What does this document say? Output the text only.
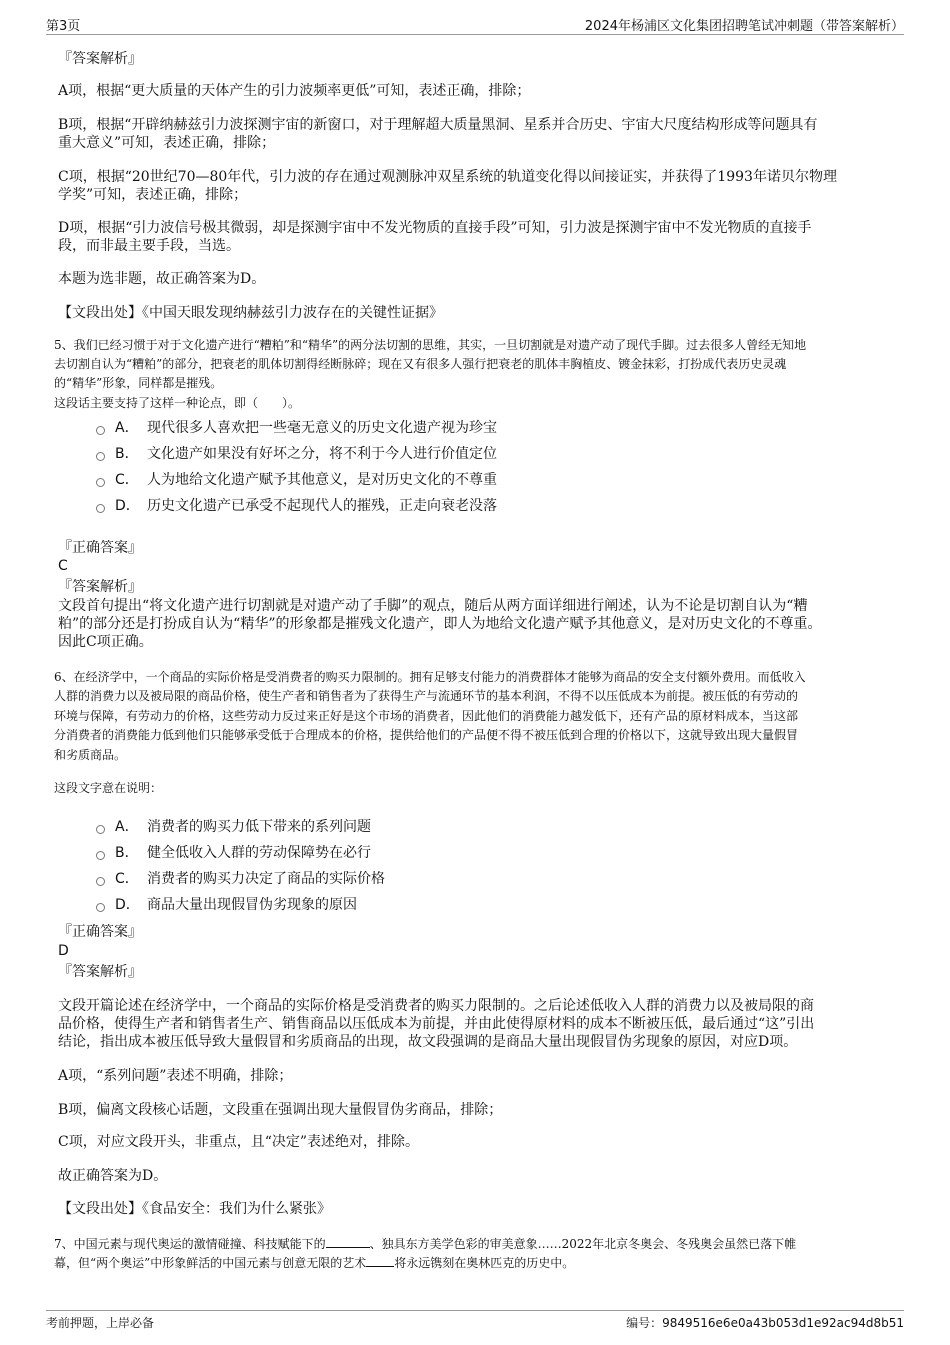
第3页	2024年杨浦区文化集团招聘笔试冲刺题（带答案解析）
『答案解析』
A项，根据“更大质量的天体产生的引力波频率更低”可知，表述正确，排除；
B项，根据“开辟纳赫兹引力波探测宇宙的新窗口，对于理解超大质量黑洞、星系并合历史、宇宙大尺度结构形成等问题具有
重大意义”可知，表述正确，排除；
C项，根据“20世纪70—80年代，引力波的存在通过观测脉冲双星系统的轨道变化得以间接证实，并获得了1993年诺贝尔物理
学奖”可知，表述正确，排除；
D项，根据“引力波信号极其微弱，却是探测宇宙中不发光物质的直接手段”可知，引力波是探测宇宙中不发光物质的直接手
段，而非最主要手段，当选。
本题为选非题，故正确答案为D。
【文段出处】《中国天眼发现纳赫兹引力波存在的关键性证据》
5、我们已经习惯于对于文化遗产进行“糟粕”和“精华”的两分法切割的思维，其实，一旦切割就是对遗产动了现代手脚。过去很多人曾经无知地
去切割自认为“糟粕”的部分，把衰老的肌体切割得经断脉碎；现在又有很多人强行把衰老的肌体丰胸植皮、镀金抹彩，打扮成代表历史灵魂
的“精华”形象，同样都是摧残。
这段话主要支持了这样一种论点，即（　　）。
A． 现代很多人喜欢把一些毫无意义的历史文化遗产视为珍宝
B． 文化遗产如果没有好坏之分，将不利于今人进行价值定位
C． 人为地给文化遗产赋予其他意义，是对历史文化的不尊重
D． 历史文化遗产已承受不起现代人的摧残，正走向衰老没落
『正确答案』
C
『答案解析』
文段首句提出“将文化遗产进行切割就是对遗产动了手脚”的观点，随后从两方面详细进行阐述，认为不论是切割自认为“糟
粕”的部分还是打扮成自认为“精华”的形象都是摧残文化遗产，即人为地给文化遗产赋予其他意义，是对历史文化的不尊重。
因此C项正确。
6、在经济学中，一个商品的实际价格是受消费者的购买力限制的。拥有足够支付能力的消费群体才能够为商品的安全支付额外费用。而低收入
人群的消费力以及被局限的商品价格，使生产者和销售者为了获得生产与流通环节的基本利润，不得不以压低成本为前提。被压低的有劳动的
环境与保障，有劳动力的价格，这些劳动力反过来正好是这个市场的消费者，因此他们的消费能力越发低下，还有产品的原材料成本，当这部
分消费者的消费能力低到他们只能够承受低于合理成本的价格，提供给他们的产品便不得不被压低到合理的价格以下，这就导致出现大量假冒
和劣质商品。
这段文字意在说明：
A． 消费者的购买力低下带来的系列问题
B． 健全低收入人群的劳动保障势在必行
C． 消费者的购买力决定了商品的实际价格
D． 商品大量出现假冒伪劣现象的原因
『正确答案』
D
『答案解析』
文段开篇论述在经济学中，一个商品的实际价格是受消费者的购买力限制的。之后论述低收入人群的消费力以及被局限的商
品价格，使得生产者和销售者生产、销售商品以压低成本为前提，并由此使得原材料的成本不断被压低，最后通过“这”引出
结论，指出成本被压低导致大量假冒和劣质商品的出现，故文段强调的是商品大量出现假冒伪劣现象的原因，对应D项。
A项，“系列问题”表述不明确，排除；
B项，偏离文段核心话题，文段重在强调出现大量假冒伪劣商品，排除；
C项，对应文段开头，非重点，且“决定”表述绝对，排除。
故正确答案为D。
【文段出处】《食品安全：我们为什么紧张》
7、中国元素与现代奥运的激情碰撞、科技赋能下的	、独具东方美学色彩的审美意象……2022年北京冬奥会、冬残奥会虽然已落下帷
幕，但“两个奥运”中形象鲜活的中国元素与创意无限的艺术 将永远镌刻在奥林匹克的历史中。
考前押题，上岸必备	编号：9849516e6e0a43b053d1e92ac94d8b51
